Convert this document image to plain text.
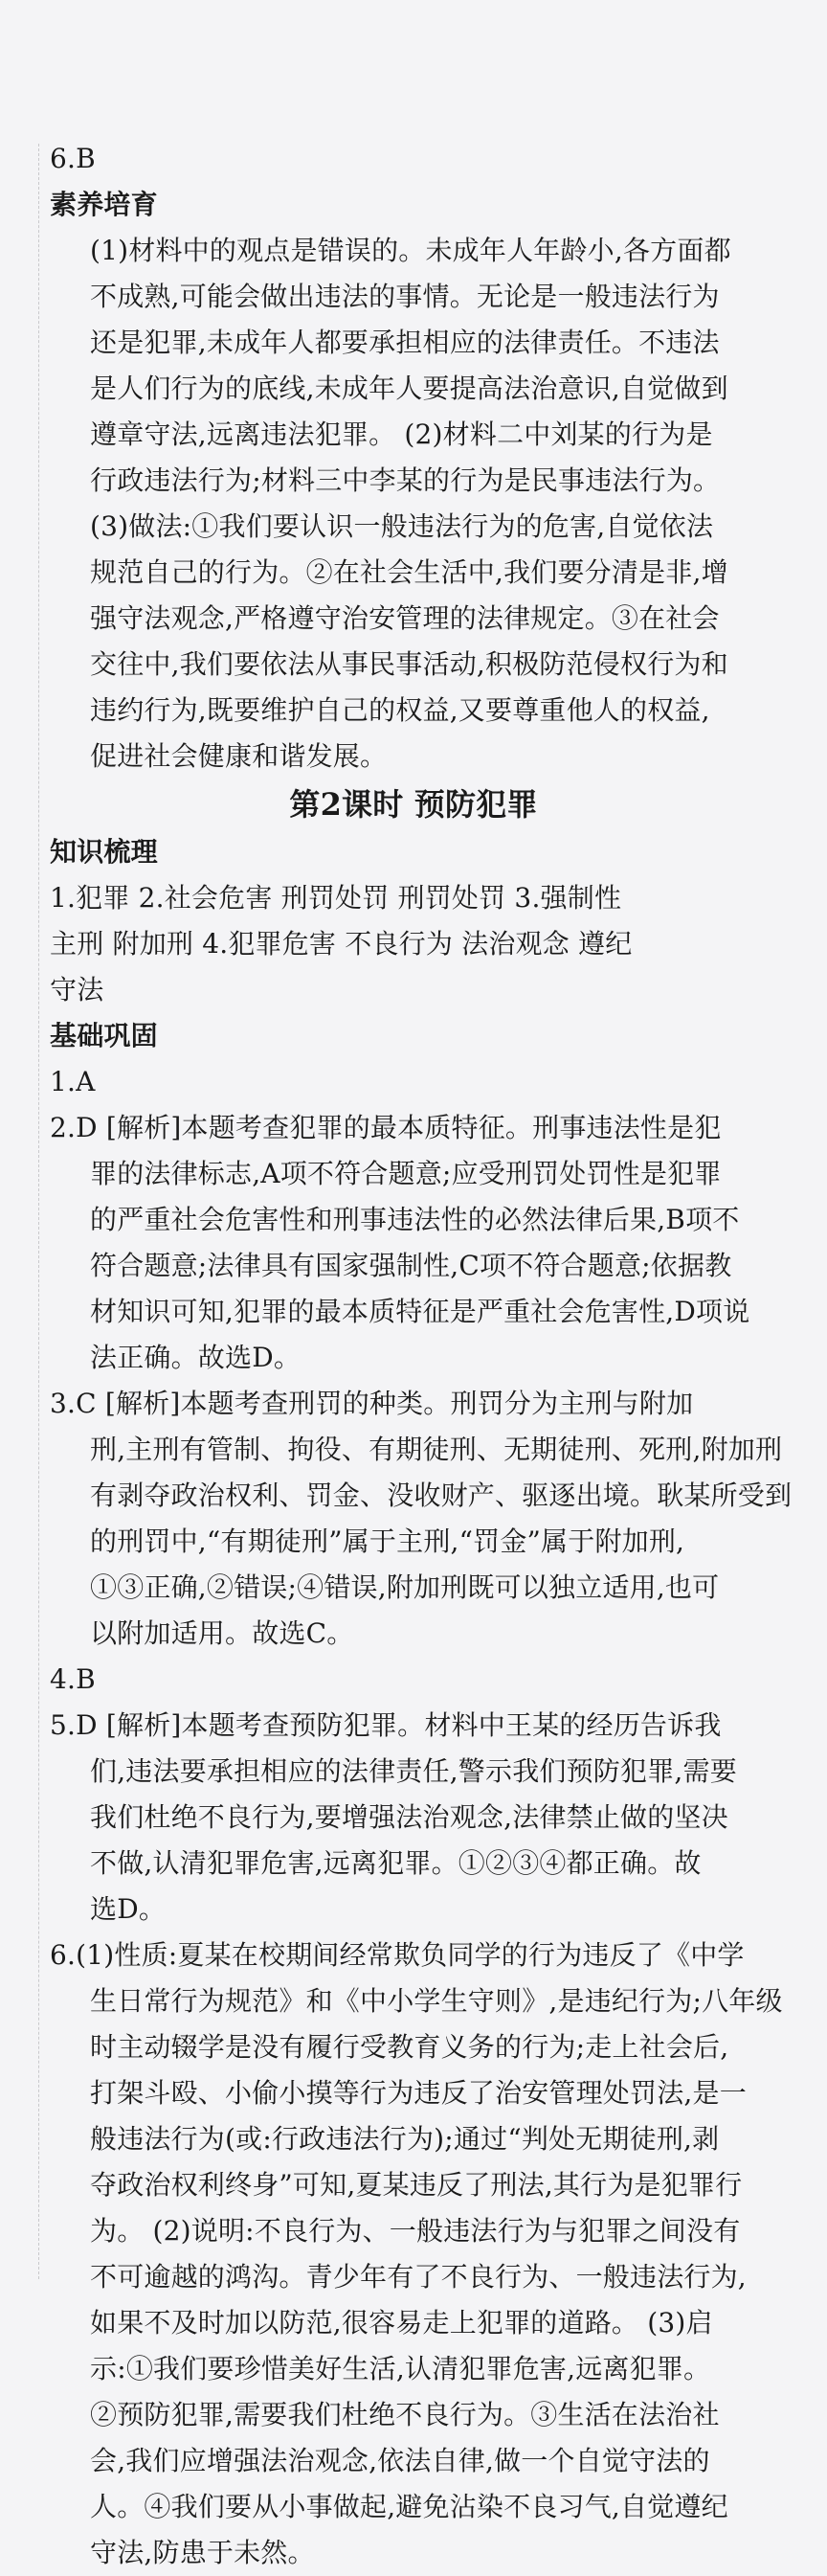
6.B
素养培育
(1)材料中的观点是错误的。未成年人年龄小,各方面都
不成熟,可能会做出违法的事情。无论是一般违法行为
还是犯罪,未成年人都要承担相应的法律责任。不违法
是人们行为的底线,未成年人要提高法治意识,自觉做到
遵章守法,远离违法犯罪。 (2)材料二中刘某的行为是
行政违法行为;材料三中李某的行为是民事违法行为。
(3)做法:①我们要认识一般违法行为的危害,自觉依法
规范自己的行为。②在社会生活中,我们要分清是非,增
强守法观念,严格遵守治安管理的法律规定。③在社会
交往中,我们要依法从事民事活动,积极防范侵权行为和
违约行为,既要维护自己的权益,又要尊重他人的权益,
促进社会健康和谐发展。
第2课时 预防犯罪
知识梳理
1.犯罪 2.社会危害 刑罚处罚 刑罚处罚 3.强制性
主刑 附加刑 4.犯罪危害 不良行为 法治观念 遵纪
守法
基础巩固
1.A
2.D [解析]本题考查犯罪的最本质特征。刑事违法性是犯
罪的法律标志,A项不符合题意;应受刑罚处罚性是犯罪
的严重社会危害性和刑事违法性的必然法律后果,B项不
符合题意;法律具有国家强制性,C项不符合题意;依据教
材知识可知,犯罪的最本质特征是严重社会危害性,D项说
法正确。故选D。
3.C [解析]本题考查刑罚的种类。刑罚分为主刑与附加
刑,主刑有管制、拘役、有期徒刑、无期徒刑、死刑,附加刑
有剥夺政治权利、罚金、没收财产、驱逐出境。耿某所受到
的刑罚中,“有期徒刑”属于主刑,“罚金”属于附加刑,
①③正确,②错误;④错误,附加刑既可以独立适用,也可
以附加适用。故选C。
4.B
5.D [解析]本题考查预防犯罪。材料中王某的经历告诉我
们,违法要承担相应的法律责任,警示我们预防犯罪,需要
我们杜绝不良行为,要增强法治观念,法律禁止做的坚决
不做,认清犯罪危害,远离犯罪。①②③④都正确。故
选D。
6.(1)性质:夏某在校期间经常欺负同学的行为违反了《中学
生日常行为规范》和《中小学生守则》,是违纪行为;八年级
时主动辍学是没有履行受教育义务的行为;走上社会后,
打架斗殴、小偷小摸等行为违反了治安管理处罚法,是一
般违法行为(或:行政违法行为);通过“判处无期徒刑,剥
夺政治权利终身”可知,夏某违反了刑法,其行为是犯罪行
为。 (2)说明:不良行为、一般违法行为与犯罪之间没有
不可逾越的鸿沟。青少年有了不良行为、一般违法行为,
如果不及时加以防范,很容易走上犯罪的道路。 (3)启
示:①我们要珍惜美好生活,认清犯罪危害,远离犯罪。
②预防犯罪,需要我们杜绝不良行为。③生活在法治社
会,我们应增强法治观念,依法自律,做一个自觉守法的
人。④我们要从小事做起,避免沾染不良习气,自觉遵纪
守法,防患于未然。
